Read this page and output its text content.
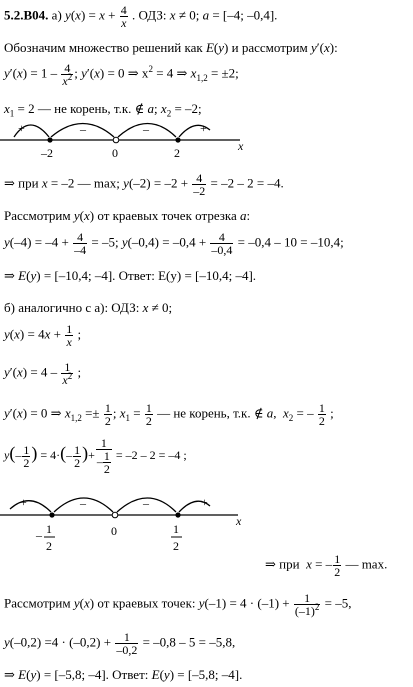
5.2.В04. а) $y(x) = x + \frac{4}{x}$ . ОДЗ: x ≠ 0; a = [–4; –0,4].
Обозначим множество решений как E(y) и рассмотрим y′(x):
$y'(x) = 1 - \frac{4}{x^2}$ ; y′(x) = 0 ⇒ $x^2 = 4$ ⇒ $x_{1,2} = \pm 2$;
$x_1 = 2$ — не корень, т.к. ∉ a; $x_2 = -2$;
+	–	–	+
–2	0	2	x
⇒ при x = –2 — max; $y(-2) = -2 + \frac{4}{-2} = -2 - 2 = -4$.
Рассмотрим y(x) от краевых точек отрезка a:
$y(-4) = -4 + \frac{4}{-4} = -5$; $y(-0,4) = -0,4 + \frac{4}{-0,4} = -0,4 - 10 = -10,4$;
⇒ E(y) = [–10,4; –4]. Ответ: E(y) = [–10,4; –4].
б) аналогично с а): ОДЗ: x ≠ 0;
$y(x) = 4x + \frac{1}{x}$ ;
$y'(x) = 4 - \frac{1}{x^2}$ ;
y′(x) = 0 ⇒ $x_{1,2} =\pm \frac{1}{2}$ ; $x_1 = \frac{1}{2}$ — не корень, т.к. ∉ a,  $x_2$ = – $\frac{1}{2}$ ;
$y(- \frac{1}{2}$ ) = $4\cdot(- \frac{1}{2}$ )+ $\frac{1}{- \frac{1}{2}} = -2 - 2 = -4$ ;
+	–	–	+
– 1
2
0	1
2
x
⇒ при  x = – $\frac{1}{2}$ — max.
Рассмотрим y(x) от краевых точек: $y(-1) = 4 \cdot (-1) + \frac{1}{(-1)^2} = -5$,
$y(-0,2) =4 \cdot (-0,2) + \frac{1}{-0,2} = -0,8 - 5 = -5,8$,
⇒ E(y) = [–5,8; –4]. Ответ: E(y) = [–5,8; –4].
